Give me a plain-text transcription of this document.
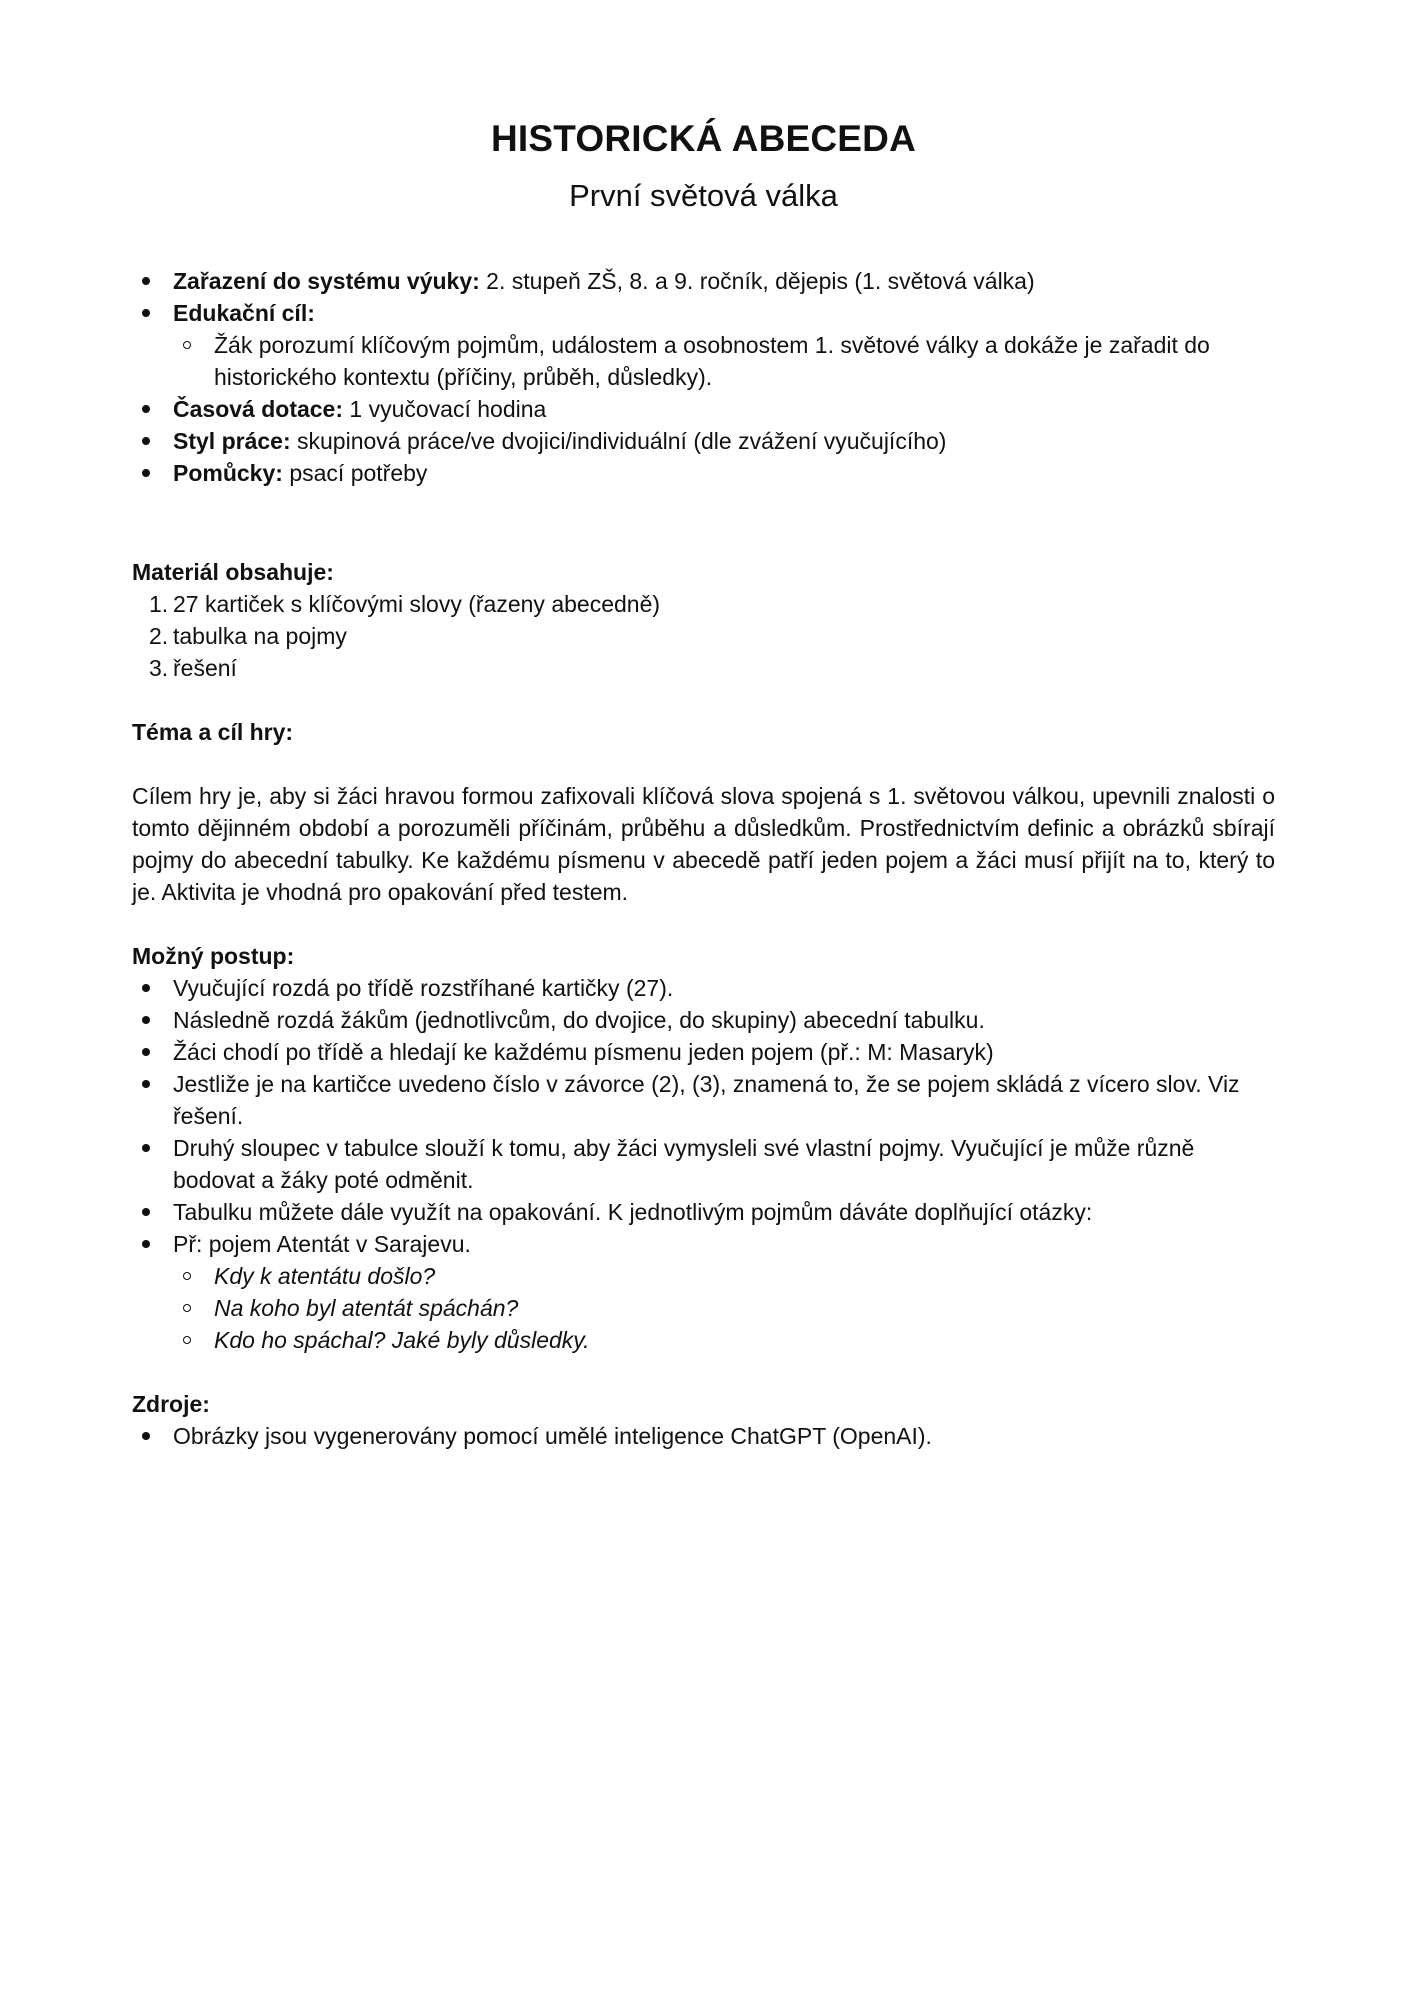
HISTORICKÁ ABECEDA
První světová válka
Zařazení do systému výuky: 2. stupeň ZŠ, 8. a 9. ročník, dějepis (1. světová válka)
Edukační cíl:
Žák porozumí klíčovým pojmům, událostem a osobnostem 1. světové války a dokáže je zařadit do historického kontextu (příčiny, průběh, důsledky).
Časová dotace: 1 vyučovací hodina
Styl práce: skupinová práce/ve dvojici/individuální (dle zvážení vyučujícího)
Pomůcky: psací potřeby

Materiál obsahuje:

1. 27 kartiček s klíčovými slovy (řazeny abecedně)
2. tabulka na pojmy
3. řešení

Téma a cíl hry:

Cílem hry je, aby si žáci hravou formou zafixovali klíčová slova spojená s 1. světovou válkou, upevnili znalosti o tomto dějinném období a porozuměli příčinám, průběhu a důsledkům. Prostřednictvím definic a obrázků sbírají pojmy do abecední tabulky. Ke každému písmenu v abecedě patří jeden pojem a žáci musí přijít na to, který to je. Aktivita je vhodná pro opakování před testem.

Možný postup:

Vyučující rozdá po třídě rozstříhané kartičky (27).
Následně rozdá žákům (jednotlivcům, do dvojice, do skupiny) abecední tabulku.
Žáci chodí po třídě a hledají ke každému písmenu jeden pojem (př.: M: Masaryk)
Jestliže je na kartičce uvedeno číslo v závorce (2), (3), znamená to, že se pojem skládá z vícero slov. Viz řešení.
Druhý sloupec v tabulce slouží k tomu, aby žáci vymysleli své vlastní pojmy. Vyučující je může různě bodovat a žáky poté odměnit.
Tabulku můžete dále využít na opakování. K jednotlivým pojmům dáváte doplňující otázky:
Př: pojem Atentát v Sarajevu.
Kdy k atentátu došlo?
Na koho byl atentát spáchán?
Kdo ho spáchal? Jaké byly důsledky.

Zdroje:

Obrázky jsou vygenerovány pomocí umělé inteligence ChatGPT (OpenAI).
